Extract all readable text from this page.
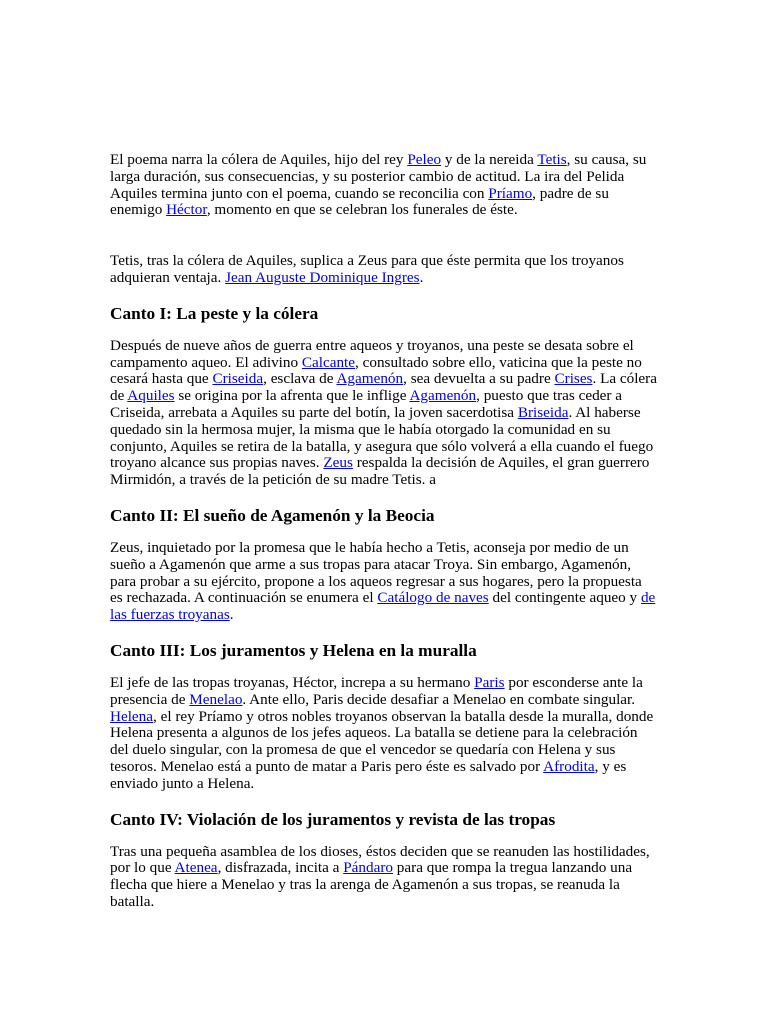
El poema narra la cólera de Aquiles, hijo del rey Peleo y de la nereida Tetis, su causa, su larga duración, sus consecuencias, y su posterior cambio de actitud. La ira del Pelida Aquiles termina junto con el poema, cuando se reconcilia con Príamo, padre de su enemigo Héctor, momento en que se celebran los funerales de éste.

Tetis, tras la cólera de Aquiles, suplica a Zeus para que éste permita que los troyanos adquieran ventaja. Jean Auguste Dominique Ingres.

Canto I: La peste y la cólera

Después de nueve años de guerra entre aqueos y troyanos, una peste se desata sobre el campamento aqueo. El adivino Calcante, consultado sobre ello, vaticina que la peste no cesará hasta que Criseida, esclava de Agamenón, sea devuelta a su padre Crises. La cólera de Aquiles se origina por la afrenta que le inflige Agamenón, puesto que tras ceder a Criseida, arrebata a Aquiles su parte del botín, la joven sacerdotisa Briseida. Al haberse quedado sin la hermosa mujer, la misma que le había otorgado la comunidad en su conjunto, Aquiles se retira de la batalla, y asegura que sólo volverá a ella cuando el fuego troyano alcance sus propias naves. Zeus respalda la decisión de Aquiles, el gran guerrero Mirmidón, a través de la petición de su madre Tetis. a

Canto II: El sueño de Agamenón y la Beocia

Zeus, inquietado por la promesa que le había hecho a Tetis, aconseja por medio de un sueño a Agamenón que arme a sus tropas para atacar Troya. Sin embargo, Agamenón, para probar a su ejército, propone a los aqueos regresar a sus hogares, pero la propuesta es rechazada. A continuación se enumera el Catálogo de naves del contingente aqueo y de las fuerzas troyanas.

Canto III: Los juramentos y Helena en la muralla

El jefe de las tropas troyanas, Héctor, increpa a su hermano Paris por esconderse ante la presencia de Menelao. Ante ello, Paris decide desafiar a Menelao en combate singular. Helena, el rey Príamo y otros nobles troyanos observan la batalla desde la muralla, donde Helena presenta a algunos de los jefes aqueos. La batalla se detiene para la celebración del duelo singular, con la promesa de que el vencedor se quedaría con Helena y sus tesoros. Menelao está a punto de matar a Paris pero éste es salvado por Afrodita, y es enviado junto a Helena.

Canto IV: Violación de los juramentos y revista de las tropas

Tras una pequeña asamblea de los dioses, éstos deciden que se reanuden las hostilidades, por lo que Atenea, disfrazada, incita a Pándaro para que rompa la tregua lanzando una flecha que hiere a Menelao y tras la arenga de Agamenón a sus tropas, se reanuda la batalla.
